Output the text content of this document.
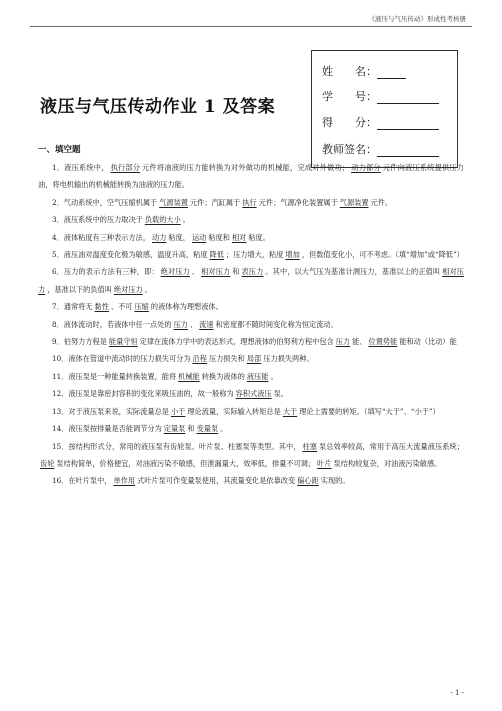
《液压与气压传动》形成性考核册
液压与气压传动作业 1 及答案
姓　　名：
学　　号：
得　　分：
教师签名：
一、填空题

1．液压系统中， 执行部分 元件将油液的压力能转换为对外做功的机械能，完成对外做功； 动力部分 元件向液压系统提供压力油，将电机输出的机械能转换为油液的压力能。

2．气动系统中，空气压缩机属于 气源装置 元件；汽缸属于 执行 元件；气源净化装置属于 气源装置 元件。

3．液压系统中的压力取决于 负载的大小 。

4．液体粘度有三种表示方法， 动力 粘度， 运动 粘度和 相对 粘度。

5．液压油对温度变化极为敏感，温度升高，粘度 降低 ；压力增大，粘度 增加 ，但数值变化小，可不考虑。（填“增加”或“降低”）

6．压力的表示方法有三种，即： 绝对压力 、 相对压力 和 表压力 。其中，以大气压为基准计测压力，基准以上的正值叫 相对压力 ，基准以下的负值叫 绝对压力 。

7．通常将无 黏性 、不可 压缩 的液体称为理想液体。

8．液体流动时，若液体中任一点处的 压力 、 流速 和密度都不随时间变化称为恒定流动。

9．伯努力方程是 能量守恒 定律在流体力学中的表达形式，理想液体的伯努利方程中包含 压力 能、 位置势能 能和动（比动）能

10．液体在管道中流动时的压力损失可分为 沿程 压力损失和 局部 压力损失两种。

11．液压泵是一种能量转换装置，能将 机械能 转换为液体的 液压能 。

12．液压泵是靠密封容积的变化来吸压油的，故一般称为 容积式液压 泵。

13．对于液压泵来说，实际流量总是 小于 理论流量，实际输入转矩总是 大于 理论上需要的转矩。（填写“大于”、“小于”）

14．液压泵按排量是否能调节分为 定量泵 和 变量泵 。

15．按结构形式分，常用的液压泵有齿轮泵、叶片泵、柱塞泵等类型。其中， 柱塞 泵总效率较高，常用于高压大流量液压系统；齿轮 泵结构简单，价格便宜，对油液污染不敏感，但泄漏量大，效率低，排量不可调； 叶片 泵结构较复杂，对油液污染敏感。

16．在叶片泵中， 单作用 式叶片泵可作变量泵使用，其流量变化是依靠改变 偏心距 实现的。

- 1 -
